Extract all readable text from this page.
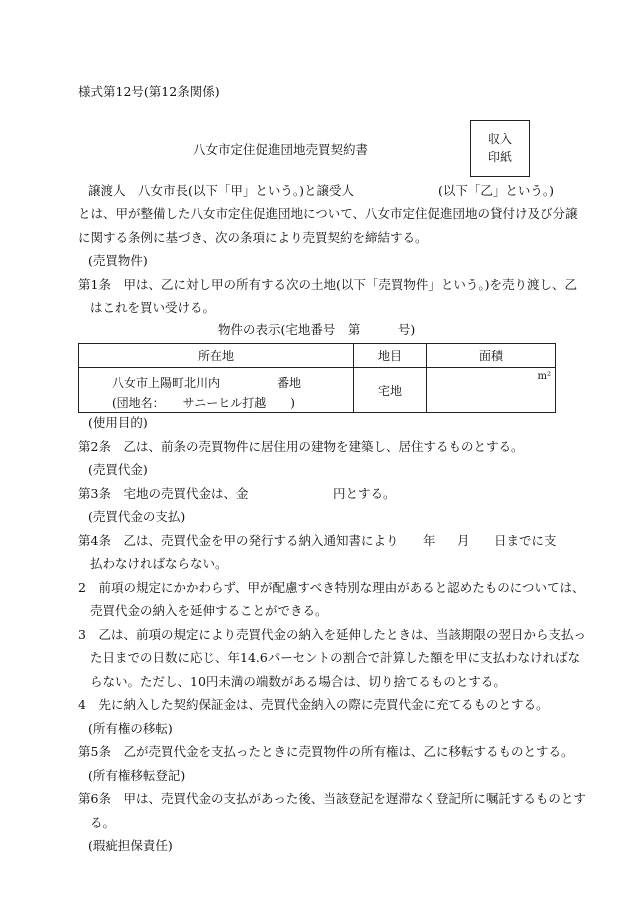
様式第12号(第12条関係)
八女市定住促進団地売買契約書
収入
印紙
譲渡人　八女市長(以下「甲」という。)と譲受人	(以下「乙」という。)
とは、甲が整備した八女市定住促進団地について、八女市定住促進団地の貸付け及び分譲
に関する条例に基づき、次の条項により売買契約を締結する。
(売買物件)
第1条　甲は、乙に対し甲の所有する次の土地(以下「売買物件」という。)を売り渡し、乙
はこれを買い受ける。
物件の表示(宅地番号　第　　　号)
所在地	地目	面積

八女市上陽町北川内 番地
(団地名：　　サニーヒル打越　　)	宅地	m²
(使用目的)
第2条　乙は、前条の売買物件に居住用の建物を建築し、居住するものとする。
(売買代金)
第3条　宅地の売買代金は、金	円とする。
(売買代金の支払)
第4条　乙は、売買代金を甲の発行する納入通知書により 年 月 日までに支
払わなければならない。
2　前項の規定にかかわらず、甲が配慮すべき特別な理由があると認めたものについては、
売買代金の納入を延伸することができる。
3　乙は、前項の規定により売買代金の納入を延伸したときは、当該期限の翌日から支払っ
た日までの日数に応じ、年14.6パーセントの割合で計算した額を甲に支払わなければな
らない。ただし、10円未満の端数がある場合は、切り捨てるものとする。
4　先に納入した契約保証金は、売買代金納入の際に売買代金に充てるものとする。
(所有権の移転)
第5条　乙が売買代金を支払ったときに売買物件の所有権は、乙に移転するものとする。
(所有権移転登記)
第6条　甲は、売買代金の支払があった後、当該登記を遅滞なく登記所に嘱託するものとす
る。
(瑕疵担保責任)
